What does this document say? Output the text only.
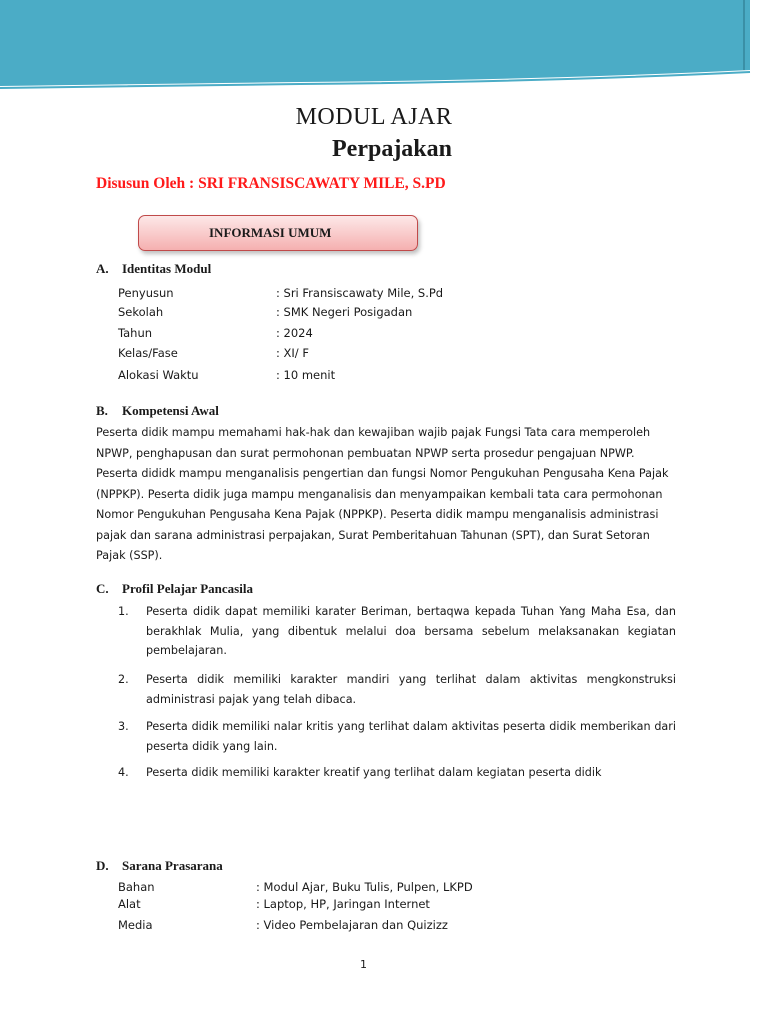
MODUL AJAR
Perpajakan
Disusun Oleh : SRI FRANSISCAWATY MILE, S.PD
INFORMASI UMUM
A. Identitas Modul
Penyusun	: Sri Fransiscawaty Mile, S.Pd
Sekolah	: SMK Negeri Posigadan
Tahun	: 2024
Kelas/Fase	: XI/ F
Alokasi Waktu	: 10 menit
B. Kompetensi Awal
Peserta didik mampu memahami hak-hak dan kewajiban wajib pajak Fungsi Tata cara memperoleh
NPWP, penghapusan dan surat permohonan pembuatan NPWP serta prosedur pengajuan NPWP.
Peserta dididk mampu menganalisis pengertian dan fungsi Nomor Pengukuhan Pengusaha Kena Pajak
(NPPKP). Peserta didik juga mampu menganalisis dan menyampaikan kembali tata cara permohonan
Nomor Pengukuhan Pengusaha Kena Pajak (NPPKP). Peserta didik mampu menganalisis administrasi
pajak dan sarana administrasi perpajakan, Surat Pemberitahuan Tahunan (SPT), dan Surat Setoran
Pajak (SSP).
C. Profil Pelajar Pancasila
1. Peserta didik dapat memiliki karater Beriman, bertaqwa kepada Tuhan Yang Maha Esa, dan berakhlak Mulia, yang dibentuk melalui doa bersama sebelum melaksanakan kegiatan pembelajaran.
2. Peserta didik memiliki karakter mandiri yang terlihat dalam aktivitas mengkonstruksi administrasi pajak yang telah dibaca.
3. Peserta didik memiliki nalar kritis yang terlihat dalam aktivitas peserta didik memberikan dari peserta didik yang lain.
4. Peserta didik memiliki karakter kreatif yang terlihat dalam kegiatan peserta didik
D. Sarana Prasarana
Bahan	: Modul Ajar, Buku Tulis, Pulpen, LKPD
Alat	: Laptop, HP, Jaringan Internet
Media	: Video Pembelajaran dan Quizizz
1
